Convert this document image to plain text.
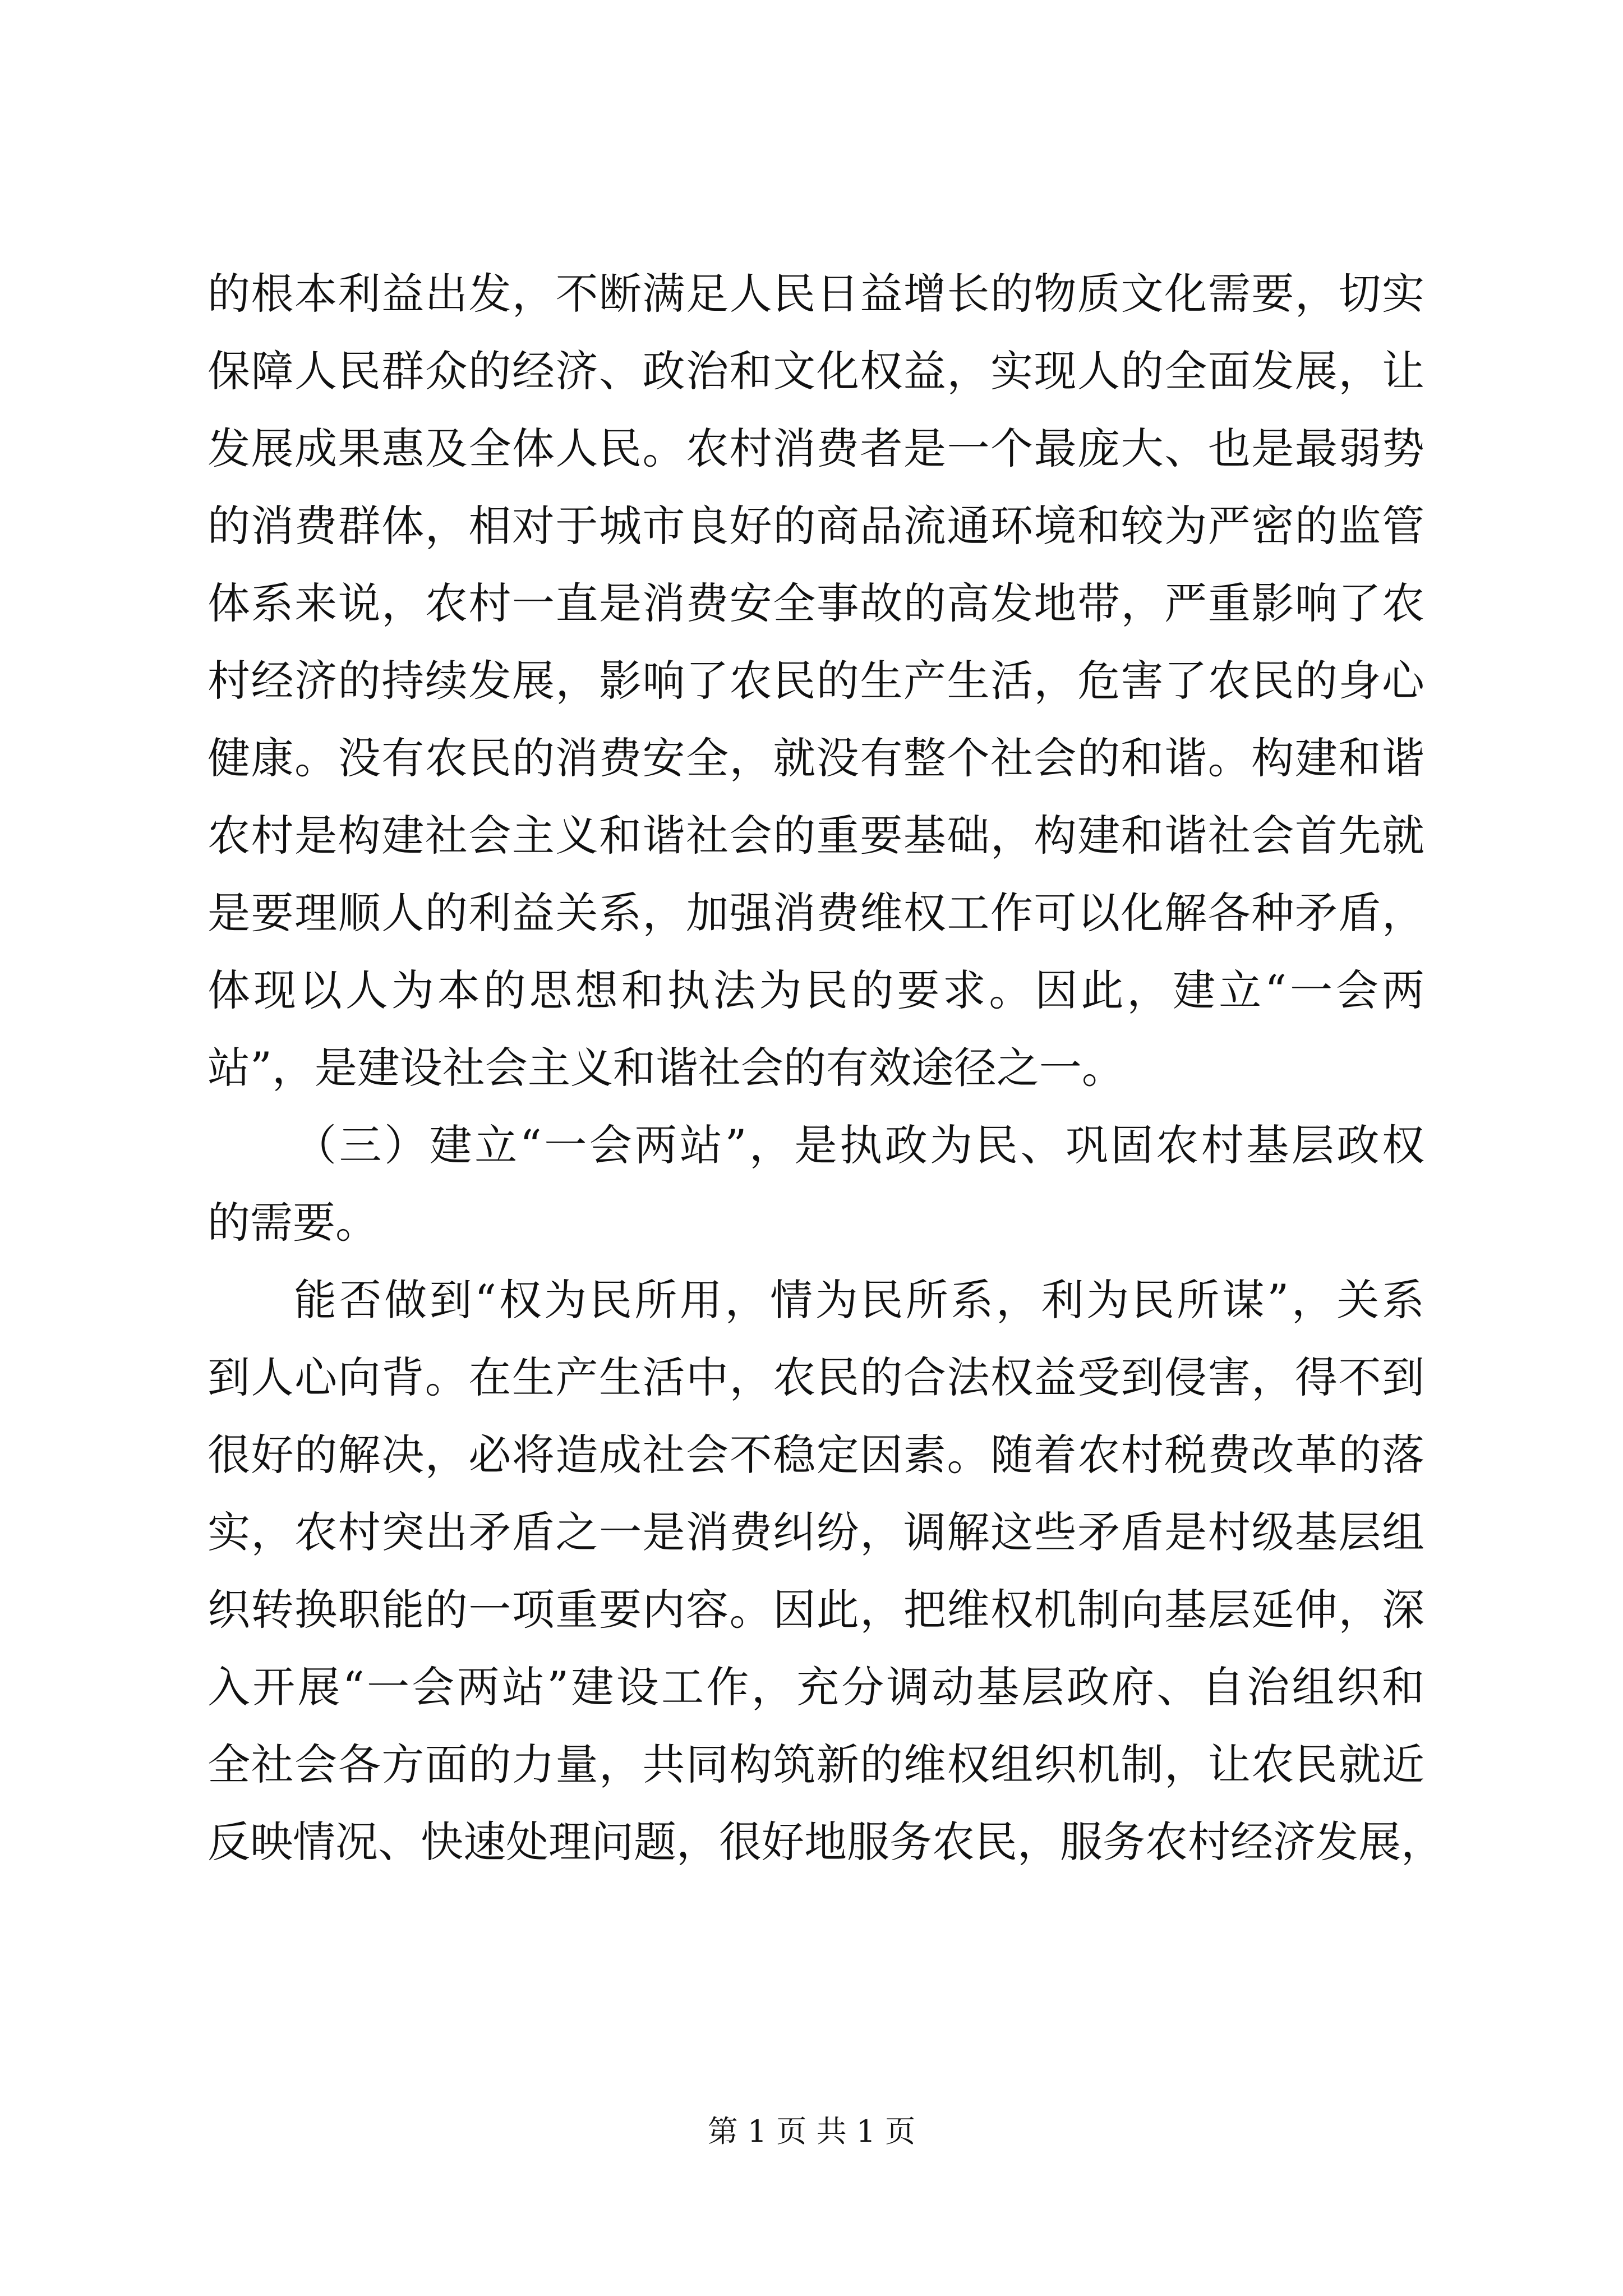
的根本利益出发，不断满足人民日益增长的物质文化需要，切实
保障人民群众的经济、政治和文化权益，实现人的全面发展，让
发展成果惠及全体人民。农村消费者是一个最庞大、也是最弱势
的消费群体，相对于城市良好的商品流通环境和较为严密的监管
体系来说，农村一直是消费安全事故的高发地带，严重影响了农
村经济的持续发展，影响了农民的生产生活，危害了农民的身心
健康。没有农民的消费安全，就没有整个社会的和谐。构建和谐
农村是构建社会主义和谐社会的重要基础，构建和谐社会首先就
是要理顺人的利益关系，加强消费维权工作可以化解各种矛盾，
体现以人为本的思想和执法为民的要求。因此，建立“一会两
站”，是建设社会主义和谐社会的有效途径之一。
（三）建立“一会两站”，是执政为民、巩固农村基层政权
的需要。
能否做到“权为民所用，情为民所系，利为民所谋”，关系
到人心向背。在生产生活中，农民的合法权益受到侵害，得不到
很好的解决，必将造成社会不稳定因素。随着农村税费改革的落
实，农村突出矛盾之一是消费纠纷，调解这些矛盾是村级基层组
织转换职能的一项重要内容。因此，把维权机制向基层延伸，深
入开展“一会两站”建设工作，充分调动基层政府、自治组织和
全社会各方面的力量，共同构筑新的维权组织机制，让农民就近
反映情况、快速处理问题，很好地服务农民，服务农村经济发展，
第 1 页 共 1 页
